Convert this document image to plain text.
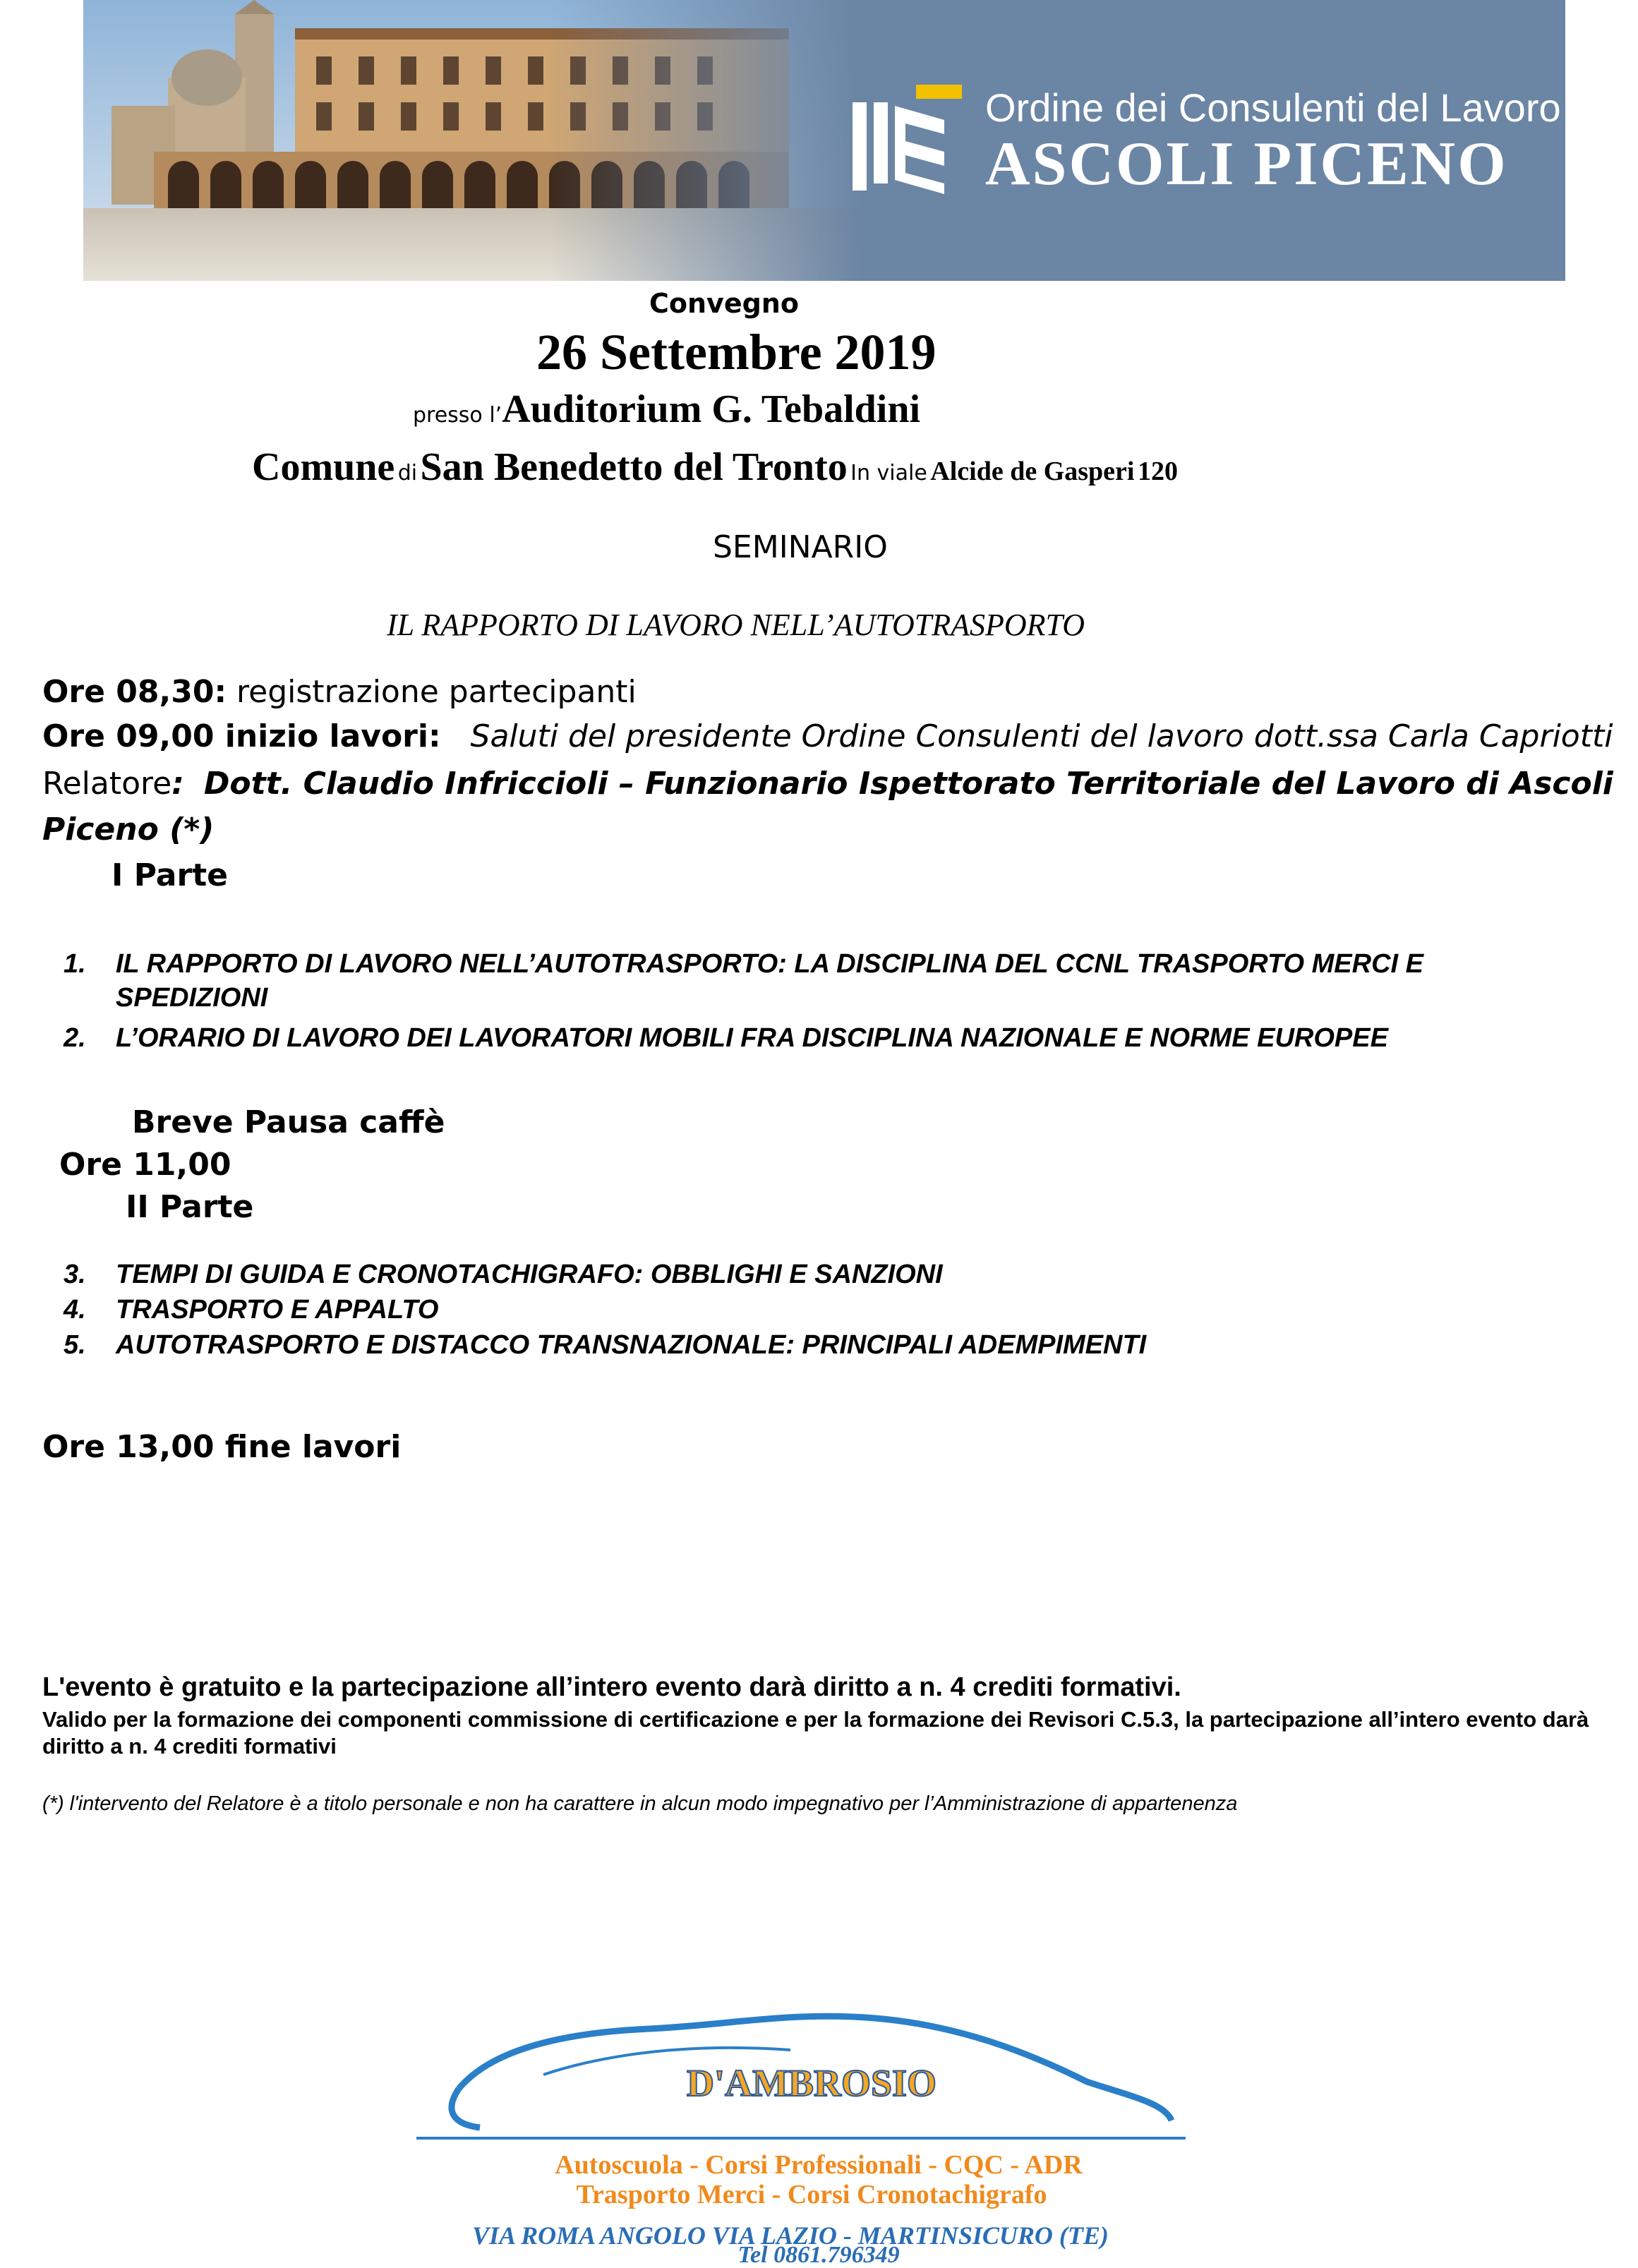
Ordine dei Consulenti del Lavoro
ASCOLI PICENO
Convegno
26 Settembre 2019
presso l’Auditorium G. Tebaldini
Comune di San Benedetto del Tronto In viale Alcide de Gasperi 120
SEMINARIO
IL RAPPORTO DI LAVORO NELL’AUTOTRASPORTO
Ore 08,30: registrazione partecipanti
Ore 09,00 inizio lavori: Saluti del presidente Ordine Consulenti del lavoro dott.ssa Carla Capriotti
Relatore: Dott. Claudio Infriccioli – Funzionario Ispettorato Territoriale del Lavoro di Ascoli
Piceno (*)
I Parte
1. IL RAPPORTO DI LAVORO NELL’AUTOTRASPORTO: LA DISCIPLINA DEL CCNL TRASPORTO MERCI E
SPEDIZIONI
2. L’ORARIO DI LAVORO DEI LAVORATORI MOBILI FRA DISCIPLINA NAZIONALE E NORME EUROPEE
Breve Pausa caffè
Ore 11,00
II Parte
3. TEMPI DI GUIDA E CRONOTACHIGRAFO: OBBLIGHI E SANZIONI
4. TRASPORTO E APPALTO
5. AUTOTRASPORTO E DISTACCO TRANSNAZIONALE: PRINCIPALI ADEMPIMENTI
Ore 13,00 fine lavori
L'evento è gratuito e la partecipazione all’intero evento darà diritto a n. 4 crediti formativi.
Valido per la formazione dei componenti commissione di certificazione e per la formazione dei Revisori C.5.3, la partecipazione all’intero evento darà diritto a n. 4 crediti formativi
(*) l'intervento del Relatore è a titolo personale e non ha carattere in alcun modo impegnativo per l’Amministrazione di appartenenza
D'AMBROSIO
Autoscuola - Corsi Professionali - CQC - ADR
Trasporto Merci - Corsi Cronotachigrafo
VIA ROMA ANGOLO VIA LAZIO - MARTINSICURO (TE)
Tel 0861.796349
